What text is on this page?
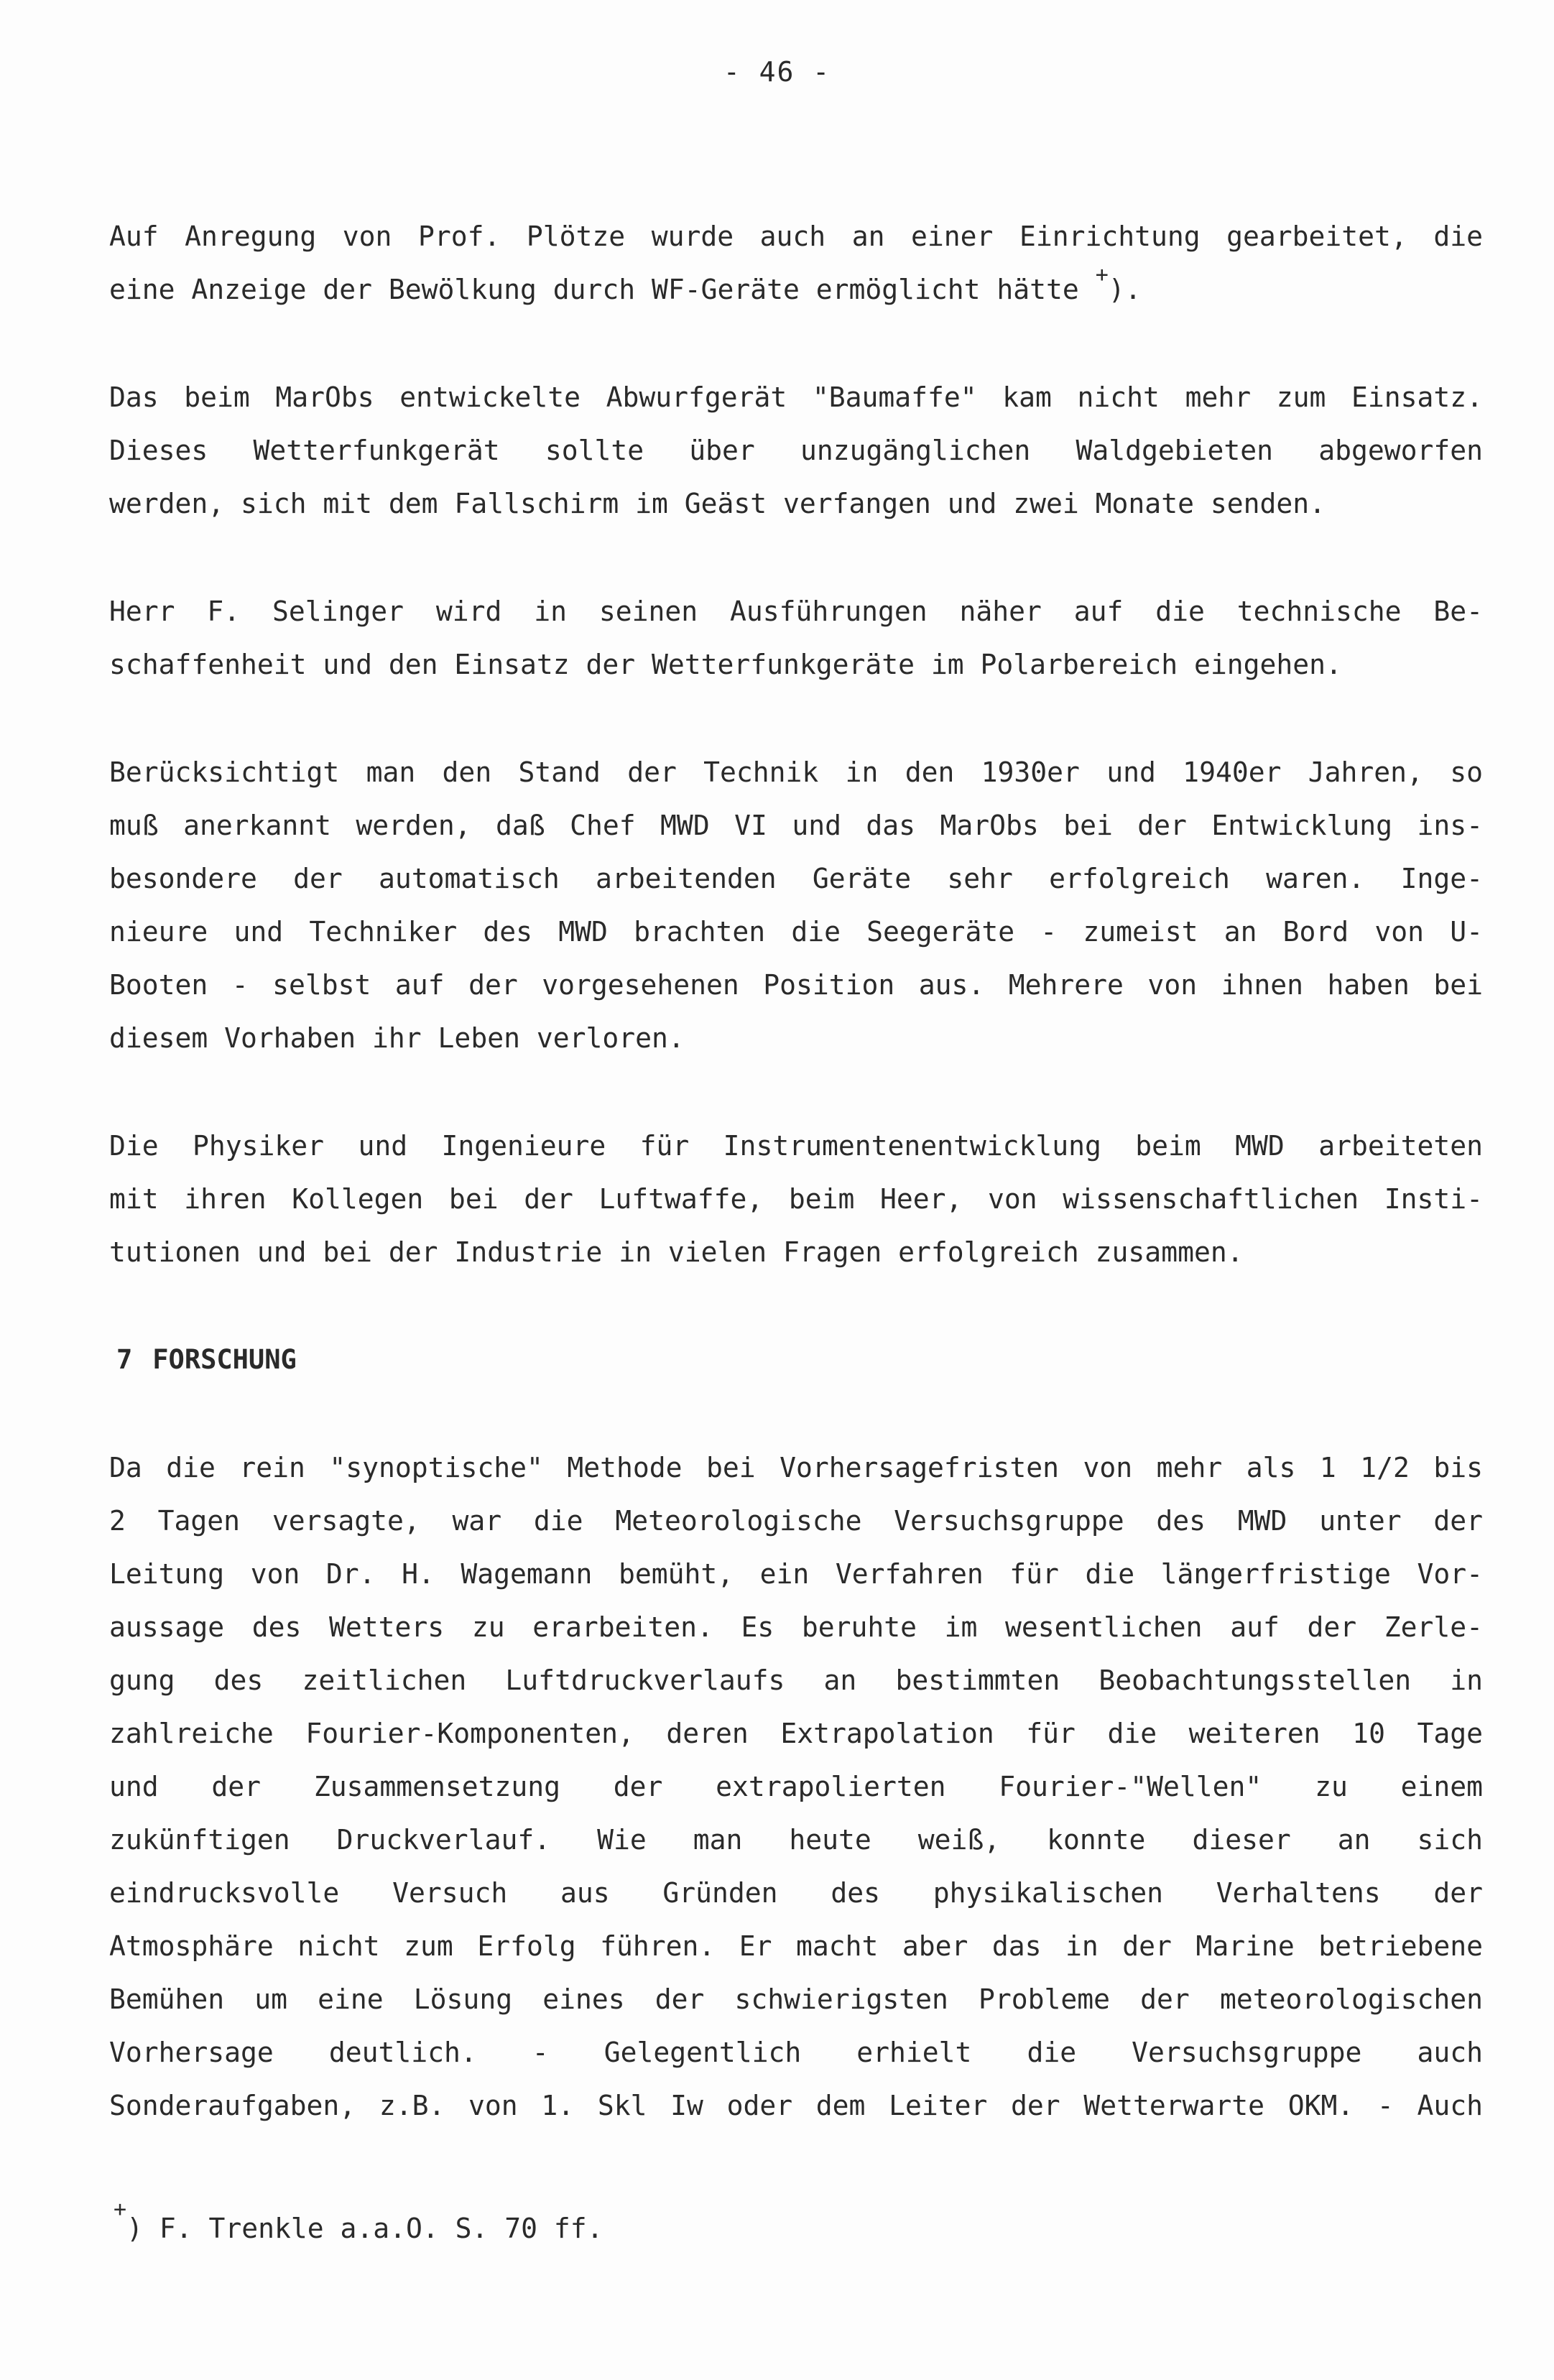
- 46 -
Auf Anregung von Prof. Plötze wurde auch an einer Einrichtung gearbeitet, die
eine Anzeige der Bewölkung durch WF-Geräte ermöglicht hätte +).
Das beim MarObs entwickelte Abwurfgerät "Baumaffe" kam nicht mehr zum Einsatz.
Dieses Wetterfunkgerät sollte über unzugänglichen Waldgebieten abgeworfen
werden, sich mit dem Fallschirm im Geäst verfangen und zwei Monate senden.
Herr F. Selinger wird in seinen Ausführungen näher auf die technische Be-
schaffenheit und den Einsatz der Wetterfunkgeräte im Polarbereich eingehen.
Berücksichtigt man den Stand der Technik in den 1930er und 1940er Jahren, so
muß anerkannt werden, daß Chef MWD VI und das MarObs bei der Entwicklung ins-
besondere der automatisch arbeitenden Geräte sehr erfolgreich waren. Inge-
nieure und Techniker des MWD brachten die Seegeräte - zumeist an Bord von U-
Booten - selbst auf der vorgesehenen Position aus. Mehrere von ihnen haben bei
diesem Vorhaben ihr Leben verloren.
Die Physiker und Ingenieure für Instrumentenentwicklung beim MWD arbeiteten
mit ihren Kollegen bei der Luftwaffe, beim Heer, von wissenschaftlichen Insti-
tutionen und bei der Industrie in vielen Fragen erfolgreich zusammen.
7 FORSCHUNG
Da die rein "synoptische" Methode bei Vorhersagefristen von mehr als 1 1/2 bis
2 Tagen versagte, war die Meteorologische Versuchsgruppe des MWD unter der
Leitung von Dr. H. Wagemann bemüht, ein Verfahren für die längerfristige Vor-
aussage des Wetters zu erarbeiten. Es beruhte im wesentlichen auf der Zerle-
gung des zeitlichen Luftdruckverlaufs an bestimmten Beobachtungsstellen in
zahlreiche Fourier-Komponenten, deren Extrapolation für die weiteren 10 Tage
und der Zusammensetzung der extrapolierten Fourier-"Wellen" zu einem
zukünftigen Druckverlauf. Wie man heute weiß, konnte dieser an sich
eindrucksvolle Versuch aus Gründen des physikalischen Verhaltens der
Atmosphäre nicht zum Erfolg führen. Er macht aber das in der Marine betriebene
Bemühen um eine Lösung eines der schwierigsten Probleme der meteorologischen
Vorhersage deutlich. - Gelegentlich erhielt die Versuchsgruppe auch
Sonderaufgaben, z.B. von 1. Skl Iw oder dem Leiter der Wetterwarte OKM. - Auch
+) F. Trenkle a.a.O. S. 70 ff.
